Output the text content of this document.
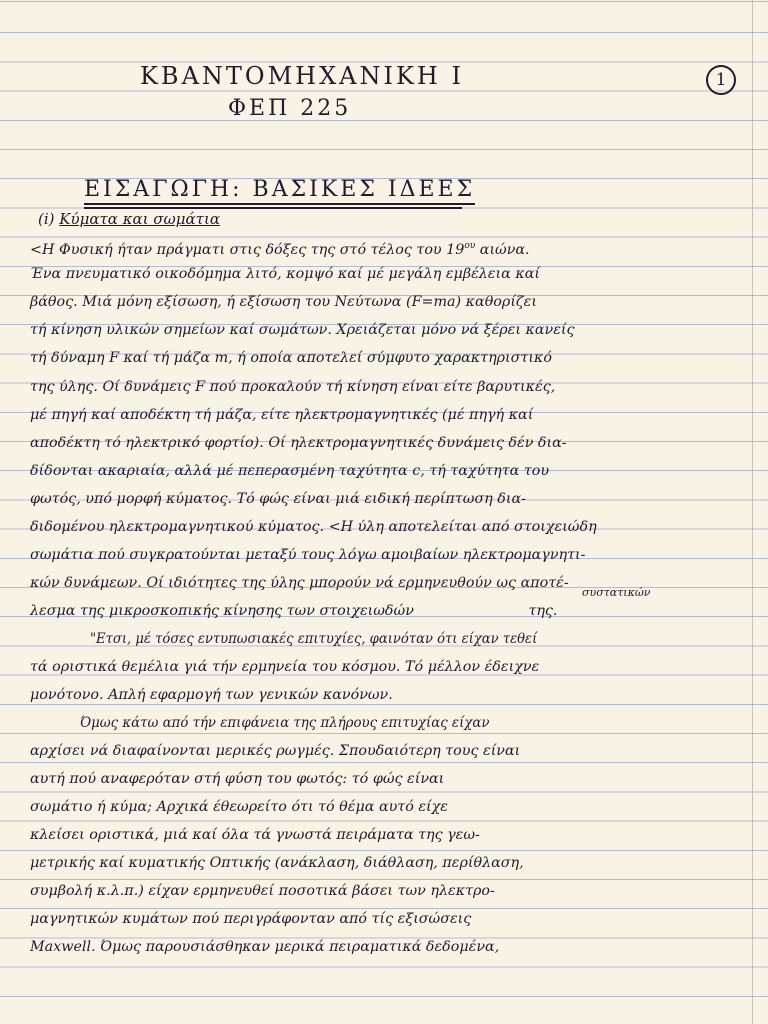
ΚΒΑΝΤΟΜΗΧΑΝΙΚΗ Ι
ΦΕΠ 225
1
ΕΙΣΑΓΩΓΗ: ΒΑΣΙΚΕΣ ΙΔΕΕΣ
(i) Κύματα και σωμάτια
<Η Φυσική ήταν πράγματι στις δόξες της στό τέλος του $19^{o\upsilon}$ αιώνα.
Ένα πνευματικό οικοδόμημα λιτό, κομψό καί μέ μεγάλη εμβέλεια καί
βάθος. Μιά μόνη εξίσωση, ή εξίσωση του Νεύτωνα (F=ma) καθορίζει
τή κίνηση υλικών σημείων καί σωμάτων. Χρειάζεται μόνο νά ξέρει κανείς
τή δύναμη F καί τή μάζα m, ή οποία αποτελεί σύμφυτο χαρακτηριστικό
της ύλης. Οί δυνάμεις F πού προκαλούν τή κίνηση είναι είτε βαρυτικές,
μέ πηγή καί αποδέκτη τή μάζα, είτε ηλεκτρομαγνητικές (μέ πηγή καί
αποδέκτη τό ηλεκτρικό φορτίο). Οί ηλεκτρομαγνητικές δυνάμεις δέν δια-
δίδονται ακαριαία, αλλά μέ πεπερασμένη ταχύτητα c, τή ταχύτητα του
φωτός, υπό μορφή κύματος. Τό φώς είναι μιά ειδική περίπτωση δια-
διδομένου ηλεκτρομαγνητικού κύματος. <Η ύλη αποτελείται από στοιχειώδη
σωμάτια πού συγκρατούνται μεταξύ τους λόγω αμοιβαίων ηλεκτρομαγνητι-
κών δυνάμεων. Οί ιδιότητες της ύλης μπορούν νά ερμηνευθούν ως αποτέ-
συστατικών
λεσμα της μικροσκοπικής κίνησης των στοιχειωδών	της.
"Ετσι, μέ τόσες εντυπωσιακές επιτυχίες, φαινόταν ότι είχαν τεθεί
τά οριστικά θεμέλια γιά τήν ερμηνεία του κόσμου. Τό μέλλον έδειχνε
μονότονο. Απλή εφαρμογή των γενικών κανόνων.
Όμως κάτω από τήν επιφάνεια της πλήρους επιτυχίας είχαν
αρχίσει νά διαφαίνονται μερικές ρωγμές. Σπουδαιότερη τους είναι
αυτή πού αναφερόταν στή φύση του φωτός: τό φώς είναι
σωμάτιο ή κύμα; Αρχικά έθεωρείτο ότι τό θέμα αυτό είχε
κλείσει οριστικά, μιά καί όλα τά γνωστά πειράματα της γεω-
μετρικής καί κυματικής Οπτικής (ανάκλαση, διάθλαση, περίθλαση,
συμβολή κ.λ.π.) είχαν ερμηνευθεί ποσοτικά βάσει των ηλεκτρο-
μαγνητικών κυμάτων πού περιγράφονταν από τίς εξισώσεις
Maxwell. Όμως παρουσιάσθηκαν μερικά πειραματικά δεδομένα,
